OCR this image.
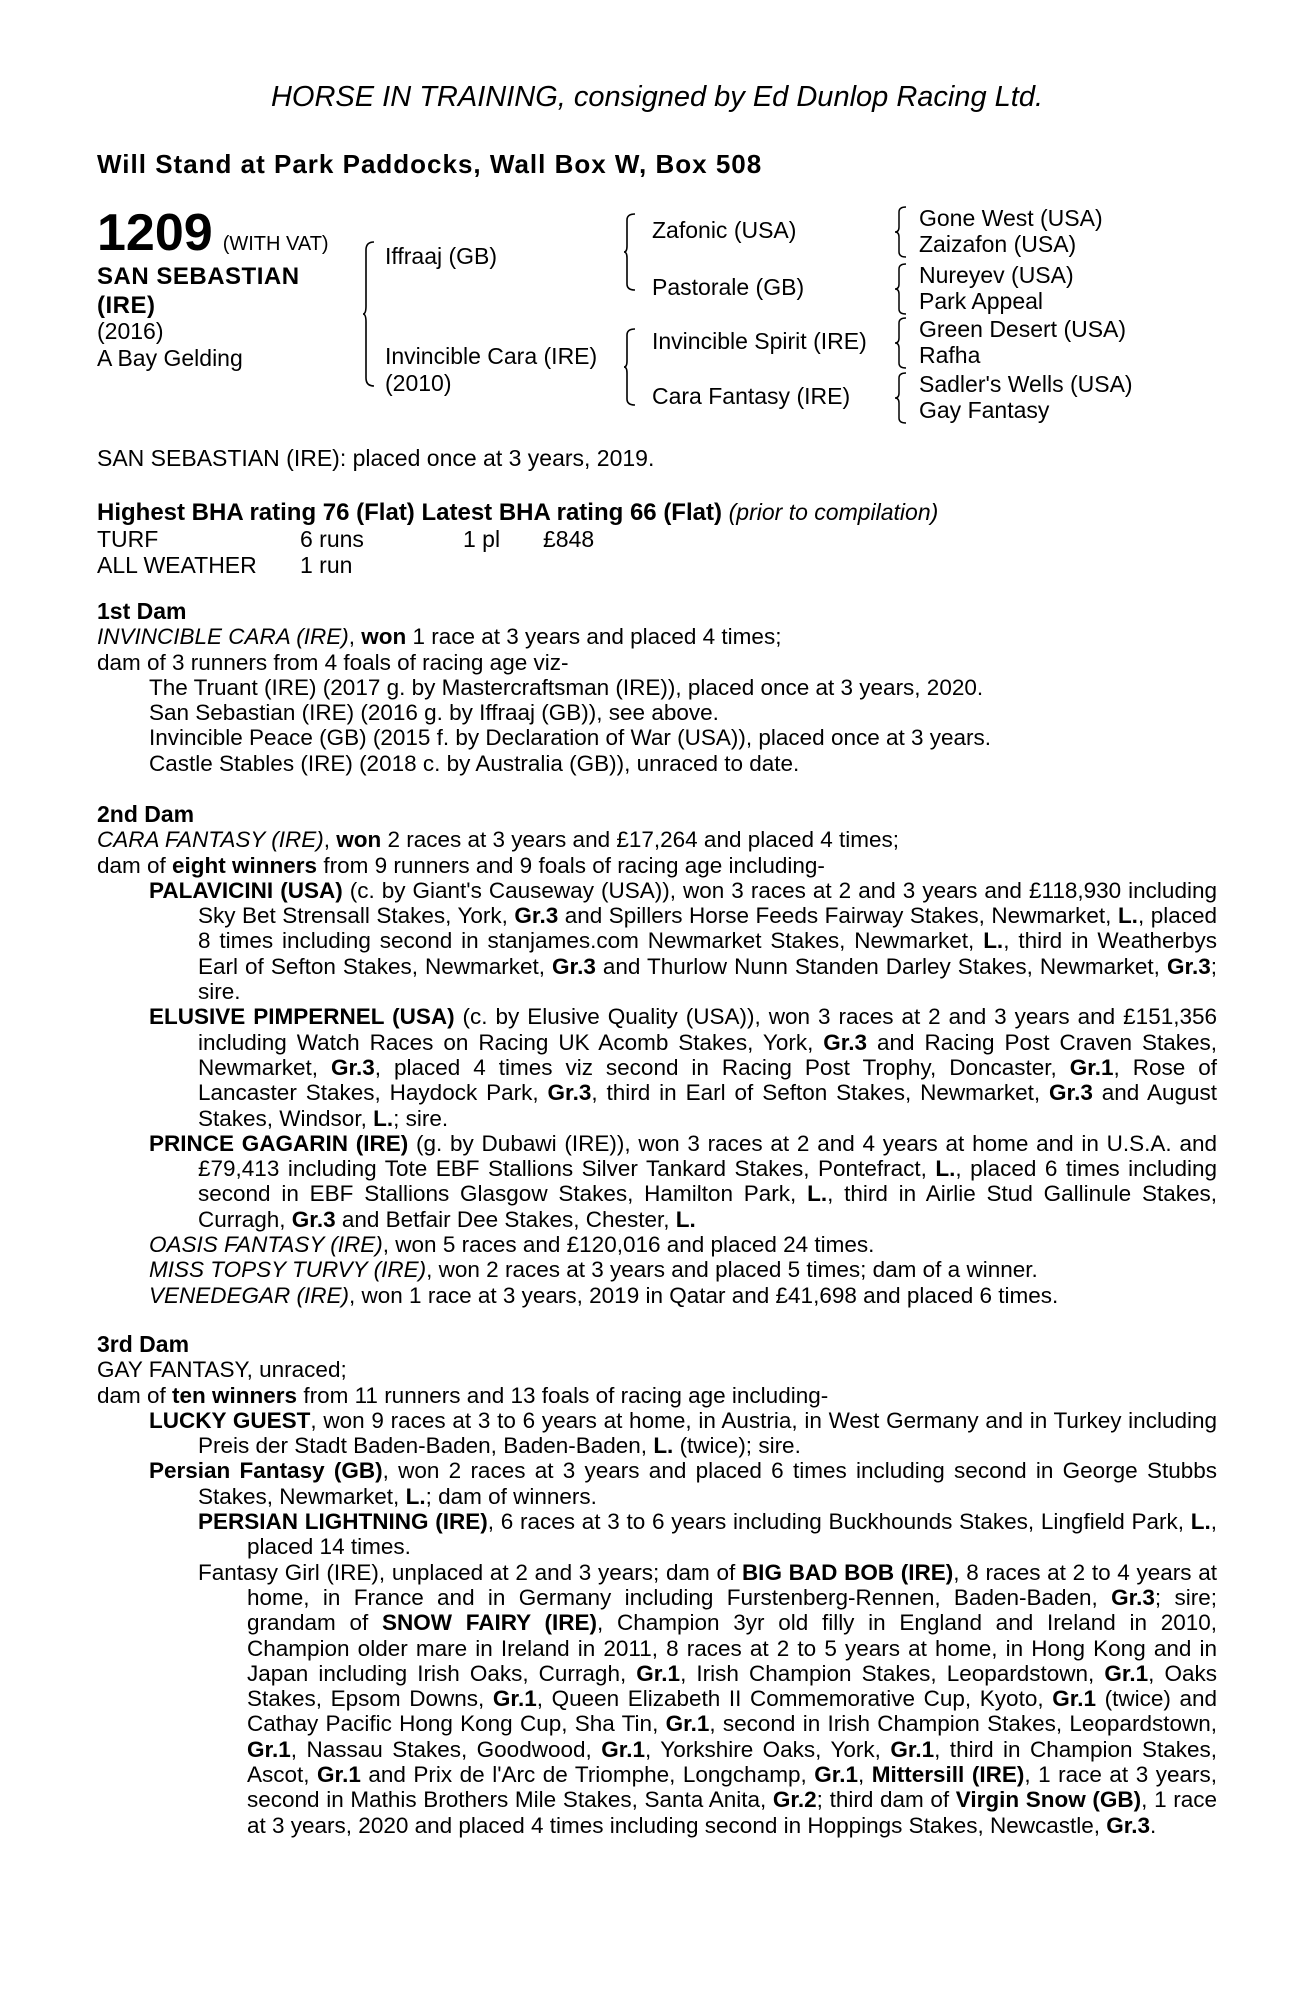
HORSE IN TRAINING, consigned by Ed Dunlop Racing Ltd.
Will Stand at Park Paddocks, Wall Box W, Box 508
1209 (WITH VAT)
SAN SEBASTIAN
(IRE)
(2016)
A Bay Gelding
Iffraaj (GB)
Invincible Cara (IRE)
(2010)
Zafonic (USA)
Pastorale (GB)
Invincible Spirit (IRE)
Cara Fantasy (IRE)
Gone West (USA)
Zaizafon (USA)
Nureyev (USA)
Park Appeal
Green Desert (USA)
Rafha
Sadler's Wells (USA)
Gay Fantasy
SAN SEBASTIAN (IRE): placed once at 3 years, 2019.
Highest BHA rating 76 (Flat) Latest BHA rating 66 (Flat) (prior to compilation)
TURF	6 runs	1 pl £848
ALL WEATHER 1 run
1st Dam
INVINCIBLE CARA (IRE), won 1 race at 3 years and placed 4 times;
dam of 3 runners from 4 foals of racing age viz-
The Truant (IRE) (2017 g. by Mastercraftsman (IRE)), placed once at 3 years, 2020.
San Sebastian (IRE) (2016 g. by Iffraaj (GB)), see above.
Invincible Peace (GB) (2015 f. by Declaration of War (USA)), placed once at 3 years.
Castle Stables (IRE) (2018 c. by Australia (GB)), unraced to date.
2nd Dam
CARA FANTASY (IRE), won 2 races at 3 years and £17,264 and placed 4 times;
dam of eight winners from 9 runners and 9 foals of racing age including-
PALAVICINI (USA) (c. by Giant's Causeway (USA)), won 3 races at 2 and 3 years and £118,930 including Sky Bet Strensall Stakes, York, Gr.3 and Spillers Horse Feeds Fairway Stakes, Newmarket, L., placed 8 times including second in stanjames.com Newmarket Stakes, Newmarket, L., third in Weatherbys Earl of Sefton Stakes, Newmarket, Gr.3 and Thurlow Nunn Standen Darley Stakes, Newmarket, Gr.3; sire.
ELUSIVE PIMPERNEL (USA) (c. by Elusive Quality (USA)), won 3 races at 2 and 3 years and £151,356 including Watch Races on Racing UK Acomb Stakes, York, Gr.3 and Racing Post Craven Stakes, Newmarket, Gr.3, placed 4 times viz second in Racing Post Trophy, Doncaster, Gr.1, Rose of Lancaster Stakes, Haydock Park, Gr.3, third in Earl of Sefton Stakes, Newmarket, Gr.3 and August Stakes, Windsor, L.; sire.
PRINCE GAGARIN (IRE) (g. by Dubawi (IRE)), won 3 races at 2 and 4 years at home and in U.S.A. and £79,413 including Tote EBF Stallions Silver Tankard Stakes, Pontefract, L., placed 6 times including second in EBF Stallions Glasgow Stakes, Hamilton Park, L., third in Airlie Stud Gallinule Stakes, Curragh, Gr.3 and Betfair Dee Stakes, Chester, L.
OASIS FANTASY (IRE), won 5 races and £120,016 and placed 24 times.
MISS TOPSY TURVY (IRE), won 2 races at 3 years and placed 5 times; dam of a winner.
VENEDEGAR (IRE), won 1 race at 3 years, 2019 in Qatar and £41,698 and placed 6 times.
3rd Dam
GAY FANTASY, unraced;
dam of ten winners from 11 runners and 13 foals of racing age including-
LUCKY GUEST, won 9 races at 3 to 6 years at home, in Austria, in West Germany and in Turkey including Preis der Stadt Baden-Baden, Baden-Baden, L. (twice); sire.
Persian Fantasy (GB), won 2 races at 3 years and placed 6 times including second in George Stubbs Stakes, Newmarket, L.; dam of winners.
PERSIAN LIGHTNING (IRE), 6 races at 3 to 6 years including Buckhounds Stakes, Lingfield Park, L., placed 14 times.
Fantasy Girl (IRE), unplaced at 2 and 3 years; dam of BIG BAD BOB (IRE), 8 races at 2 to 4 years at home, in France and in Germany including Furstenberg-Rennen, Baden-Baden, Gr.3; sire; grandam of SNOW FAIRY (IRE), Champion 3yr old filly in England and Ireland in 2010, Champion older mare in Ireland in 2011, 8 races at 2 to 5 years at home, in Hong Kong and in Japan including Irish Oaks, Curragh, Gr.1, Irish Champion Stakes, Leopardstown, Gr.1, Oaks Stakes, Epsom Downs, Gr.1, Queen Elizabeth II Commemorative Cup, Kyoto, Gr.1 (twice) and Cathay Pacific Hong Kong Cup, Sha Tin, Gr.1, second in Irish Champion Stakes, Leopardstown, Gr.1, Nassau Stakes, Goodwood, Gr.1, Yorkshire Oaks, York, Gr.1, third in Champion Stakes, Ascot, Gr.1 and Prix de l'Arc de Triomphe, Longchamp, Gr.1, Mittersill (IRE), 1 race at 3 years, second in Mathis Brothers Mile Stakes, Santa Anita, Gr.2; third dam of Virgin Snow (GB), 1 race at 3 years, 2020 and placed 4 times including second in Hoppings Stakes, Newcastle, Gr.3.
